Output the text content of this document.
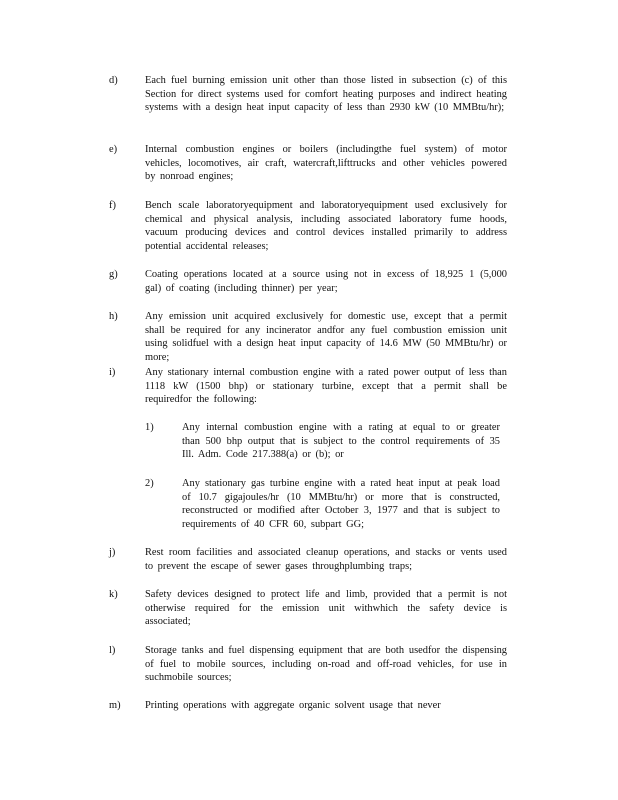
d)	Each fuel burning emission unit other than those listed in subsection (c) of this Section for direct systems used for comfort heating purposes and indirect heating systems with a design heat input capacity of less than 2930 kW (10 MMBtu/hr);
e)	Internal combustion engines or boilers (includingthe fuel system) of motor vehicles, locomotives, air craft, watercraft,lifttrucks and other vehicles powered by nonroad engines;
f)	Bench scale laboratoryequipment and laboratoryequipment used exclusively for chemical and physical analysis, including associated laboratory fume hoods, vacuum producing devices and control devices installed primarily to address potential accidental releases;
g)	Coating operations located at a source using not in excess of 18,925 1 (5,000 gal) of coating (including thinner) per year;
h)	Any emission unit acquired exclusively for domestic use, except that a permit shall be required for any incinerator andfor any fuel combustion emission unit using solidfuel with a design heat input capacity of 14.6 MW (50 MMBtu/hr) or more;
i)	Any stationary internal combustion engine with a rated power output of less than 1118 kW (1500 bhp) or stationary turbine, except that a permit shall be requiredfor the following:
1)	Any internal combustion engine with a rating at equal to or greater than 500 bhp output that is subject to the control requirements of 35 Ill. Adm. Code 217.388(a) or (b); or
2)	Any stationary gas turbine engine with a rated heat input at peak load of 10.7 gigajoules/hr (10 MMBtu/hr) or more that is constructed, reconstructed or modified after October 3, 1977 and that is subject to requirements of 40 CFR 60, subpart GG;
j)	Rest room facilities and associated cleanup operations, and stacks or vents used to prevent the escape of sewer gases throughplumbing traps;
k)	Safety devices designed to protect life and limb, provided that a permit is not otherwise required for the emission unit withwhich the safety device is associated;
l)	Storage tanks and fuel dispensing equipment that are both usedfor the dispensing of fuel to mobile sources, including on-road and off-road vehicles, for use in suchmobile sources;
m) Printing operations with aggregate organic solvent usage that never
